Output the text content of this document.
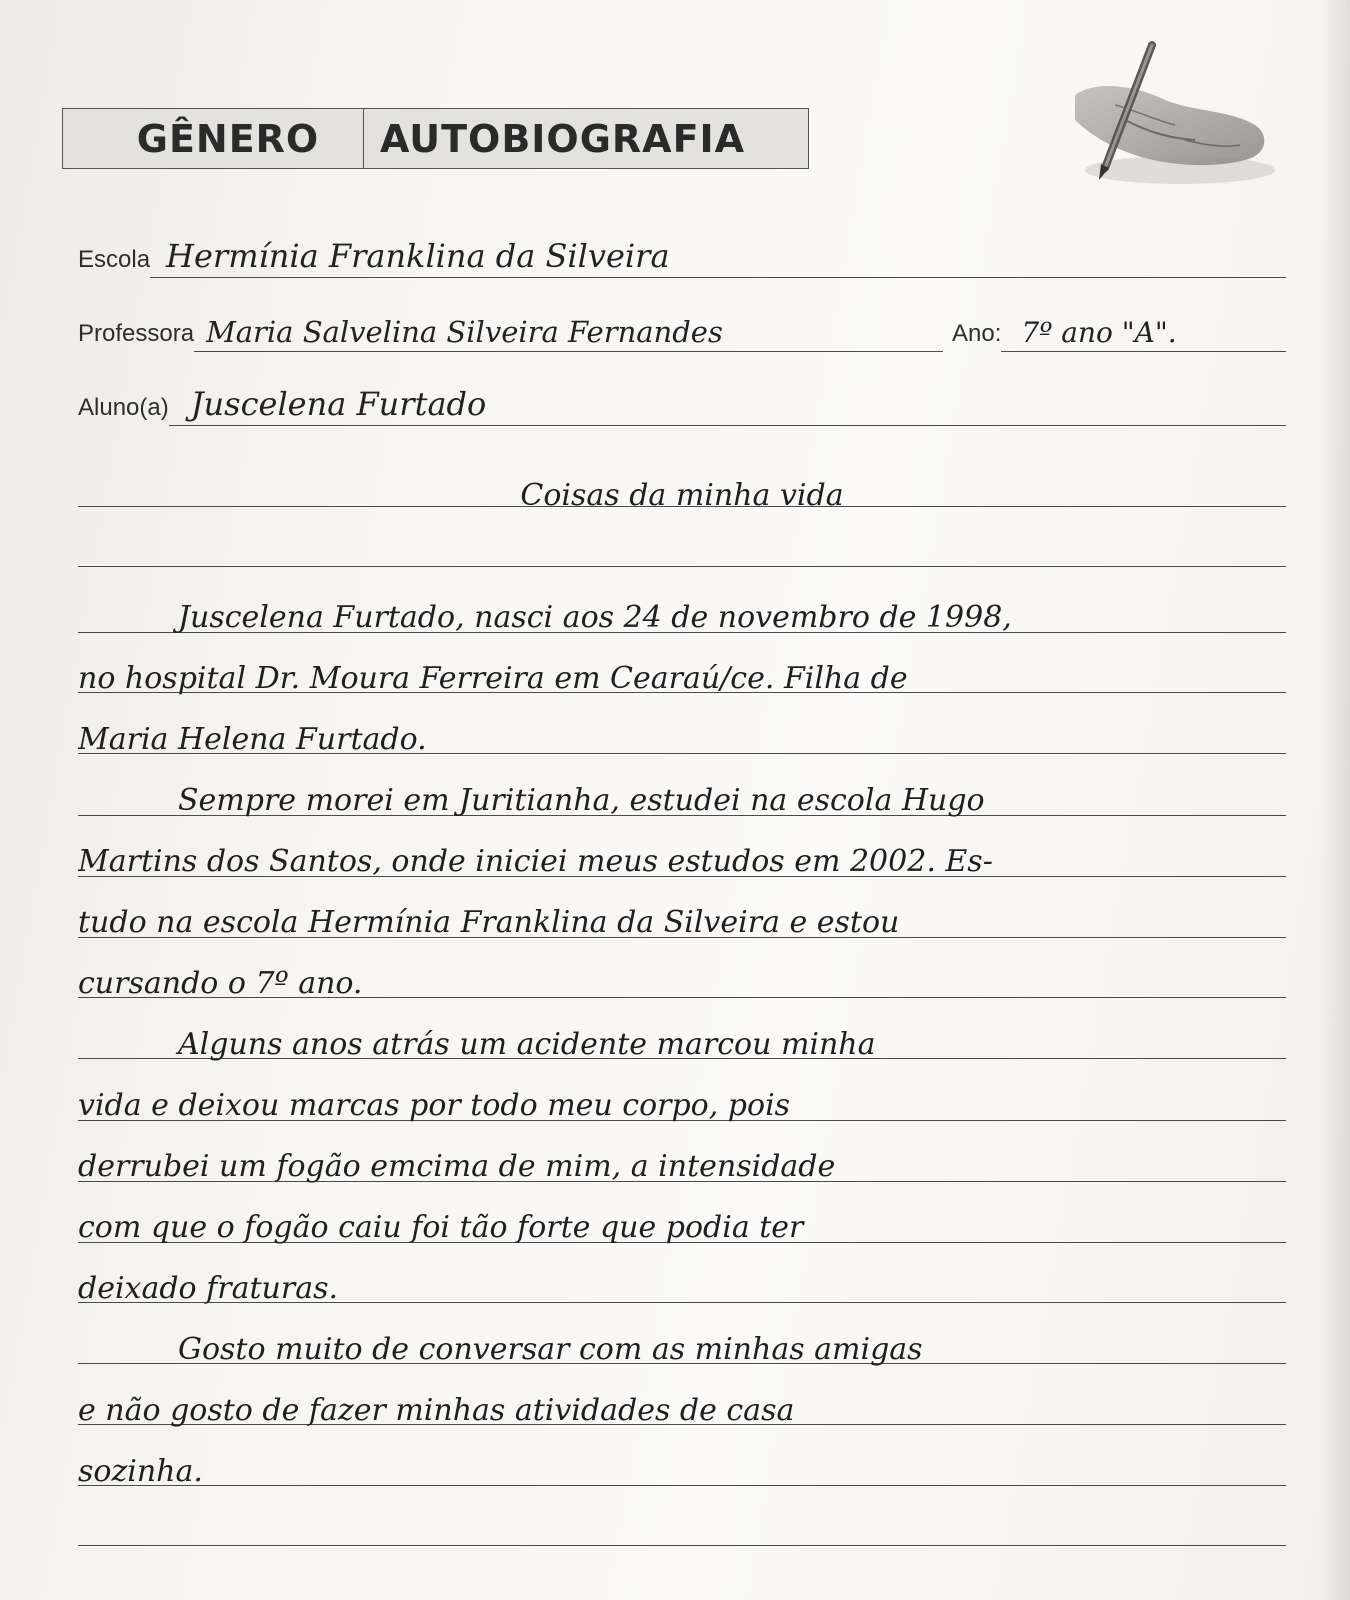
GÊNERO	AUTOBIOGRAFIA
Escola Hermínia Franklina da Silveira
Professora Maria Salvelina Silveira Fernandes	Ano: 7º ano "A".
Aluno(a) Juscelena Furtado
Coisas da minha vida
Juscelena Furtado, nasci aos 24 de novembro de 1998,
no hospital Dr. Moura Ferreira em Cearaú/ce. Filha de
Maria Helena Furtado.
Sempre morei em Juritianha, estudei na escola Hugo
Martins dos Santos, onde iniciei meus estudos em 2002. Es-
tudo na escola Hermínia Franklina da Silveira e estou
cursando o 7º ano.
Alguns anos atrás um acidente marcou minha
vida e deixou marcas por todo meu corpo, pois
derrubei um fogão emcima de mim, a intensidade
com que o fogão caiu foi tão forte que podia ter
deixado fraturas.
Gosto muito de conversar com as minhas amigas
e não gosto de fazer minhas atividades de casa
sozinha.
